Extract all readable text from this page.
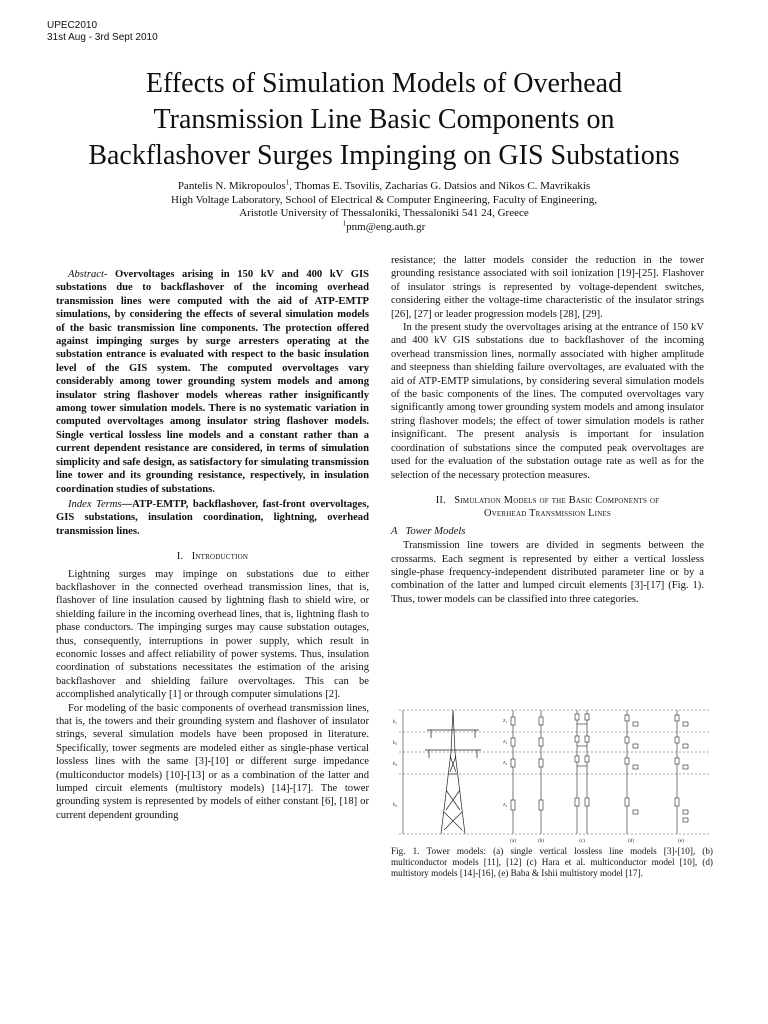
UPEC2010
31st Aug - 3rd Sept 2010
Effects of Simulation Models of Overhead
Transmission Line Basic Components on
Backflashover Surges Impinging on GIS Substations
Pantelis N. Mikropoulos$^1$, Thomas E. Tsovilis, Zacharias G. Datsios and Nikos C. Mavrikakis
High Voltage Laboratory, School of Electrical & Computer Engineering, Faculty of Engineering,
Aristotle University of Thessaloniki, Thessaloniki 541 24, Greece
$^1$pnm@eng.auth.gr

Abstract- Overvoltages arising in 150 kV and 400 kV GIS substations due to backflashover of the incoming overhead transmission lines were computed with the aid of ATP-EMTP simulations, by considering the effects of several simulation models of the basic transmission line components. The protection offered against impinging surges by surge arresters operating at the substation entrance is evaluated with respect to the basic insulation level of the GIS system. The computed overvoltages vary considerably among tower grounding system models and among insulator string flashover models whereas rather insignificantly among tower simulation models. There is no systematic variation in computed overvoltages among insulator string flashover models. Single vertical lossless line models and a constant rather than a current dependent resistance are considered, in terms of simulation simplicity and safe design, as satisfactory for simulating transmission line tower and its grounding resistance, respectively, in insulation coordination studies of substations.

Index Terms—ATP-EMTP, backflashover, fast-front overvoltages, GIS substations, insulation coordination, lightning, overhead transmission lines.

I. Introduction

Lightning surges may impinge on substations due to either backflashover in the connected overhead transmission lines, that is, flashover of line insulation caused by lightning flash to shield wire, or shielding failure in the incoming overhead lines, that is, lightning flash to phase conductors. The impinging surges may cause substation outages, thus, consequently, interruptions in power supply, which result in economic losses and affect reliability of power systems. Thus, insulation coordination of substations necessitates the estimation of the arising backflashover and shielding failure overvoltages. This can be accomplished analytically [1] or through computer simulations [2].

For modeling of the basic components of overhead transmission lines, that is, the towers and their grounding system and flashover of insulator strings, several simulation models have been proposed in literature. Specifically, tower segments are modeled either as single-phase vertical lossless lines with the same [3]-[10] or different surge impedance (multiconductor models) [10]-[13] or as a combination of the latter and lumped circuit elements (multistory models) [14]-[17]. The tower grounding system is represented by models of either constant [6], [18] or current dependent grounding

resistance; the latter models consider the reduction in the tower grounding resistance associated with soil ionization [19]-[25]. Flashover of insulator strings is represented by voltage-dependent switches, considering either the voltage-time characteristic of the insulator strings [26], [27] or leader progression models [28], [29].

In the present study the overvoltages arising at the entrance of 150 kV and 400 kV GIS substations due to backflashover of the incoming overhead transmission lines, normally associated with higher amplitude and steepness than shielding failure overvoltages, are evaluated with the aid of ATP-EMTP simulations, by considering several simulation models of the basic components of the lines. The computed overvoltages vary significantly among tower grounding system models and among insulator string flashover models; the effect of tower simulation models is rather insignificant. The present analysis is important for insulation coordination of substations since the computed peak overvoltages are used for the evaluation of the substation outage rate as well as for the selection of the necessary protection measures.

II. Simulation Models of the Basic Components of
Overhead Transmission Lines
A Tower Models

Transmission line towers are divided in segments between the crossarms. Each segment is represented by either a vertical lossless single-phase frequency-independent distributed parameter line or by a combination of the latter and lumped circuit elements [3]-[17] (Fig. 1). Thus, tower models can be classified into three categories.

h₁
h₂
h₃
h₄
Z₁
Z₂
Z₃
Z₄
(a)	(b)	(c)	(d)	(e)
Fig. 1. Tower models: (a) single vertical lossless line models [3]-[10], (b) multiconductor models [11], [12] (c) Hara et al. multiconductor model [10], (d) multistory models [14]-[16], (e) Baba & Ishii multistory model [17].
